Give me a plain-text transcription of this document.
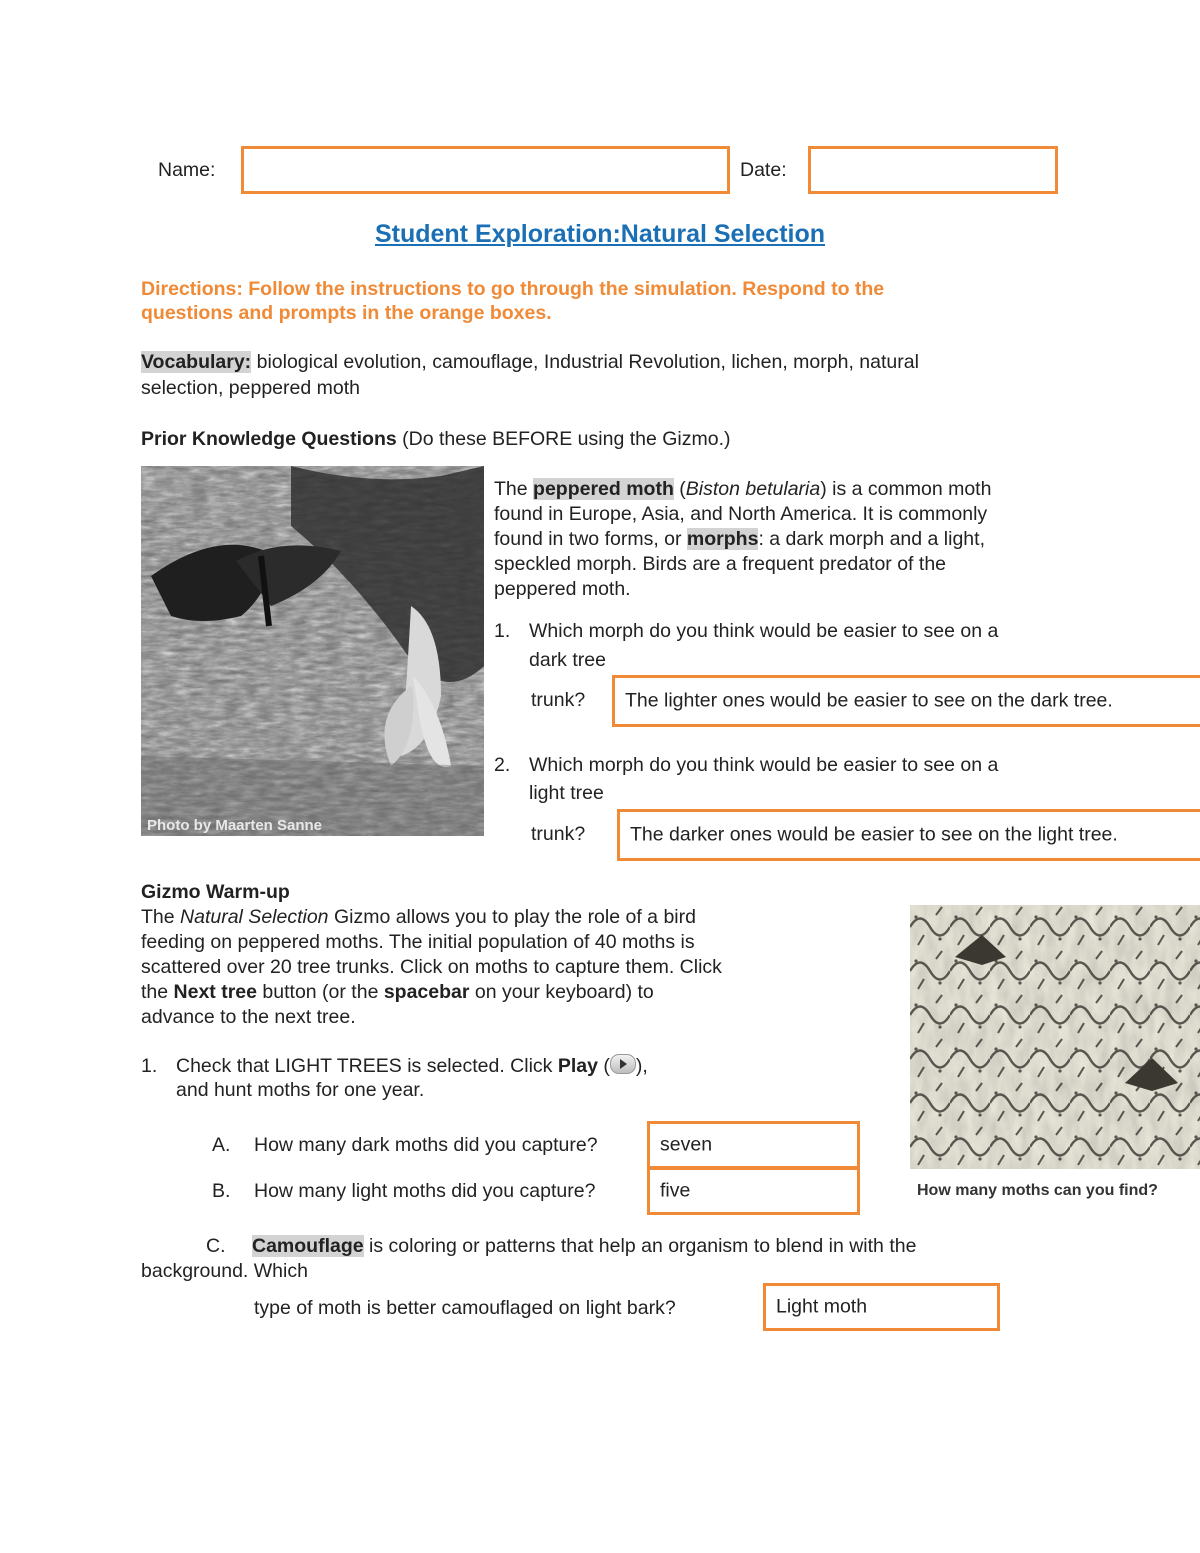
Name:	Date:
Student Exploration:Natural Selection
Directions: Follow the instructions to go through the simulation. Respond to the
questions and prompts in the orange boxes.
Vocabulary: biological evolution, camouflage, Industrial Revolution, lichen, morph, natural
selection, peppered moth
Prior Knowledge Questions (Do these BEFORE using the Gizmo.)
Photo by Maarten Sanne
The peppered moth (Biston betularia) is a common moth
found in Europe, Asia, and North America. It is commonly
found in two forms, or morphs: a dark morph and a light,
speckled morph. Birds are a frequent predator of the
peppered moth.
1. Which morph do you think would be easier to see on a
dark tree
trunk? The lighter ones would be easier to see on the dark tree.
2. Which morph do you think would be easier to see on a
light tree
trunk? The darker ones would be easier to see on the light tree.
Gizmo Warm-up
The Natural Selection Gizmo allows you to play the role of a bird
feeding on peppered moths. The initial population of 40 moths is
scattered over 20 tree trunks. Click on moths to capture them. Click
the Next tree button (or the spacebar on your keyboard) to
advance to the next tree.
How many moths can you find?
1. Check that LIGHT TREES is selected. Click Play ( ),
and hunt moths for one year.
A. How many dark moths did you capture?	seven
B. How many light moths did you capture?	five
C. Camouflage is coloring or patterns that help an organism to blend in with the
background. Which
type of moth is better camouflaged on light bark?	Light moth
